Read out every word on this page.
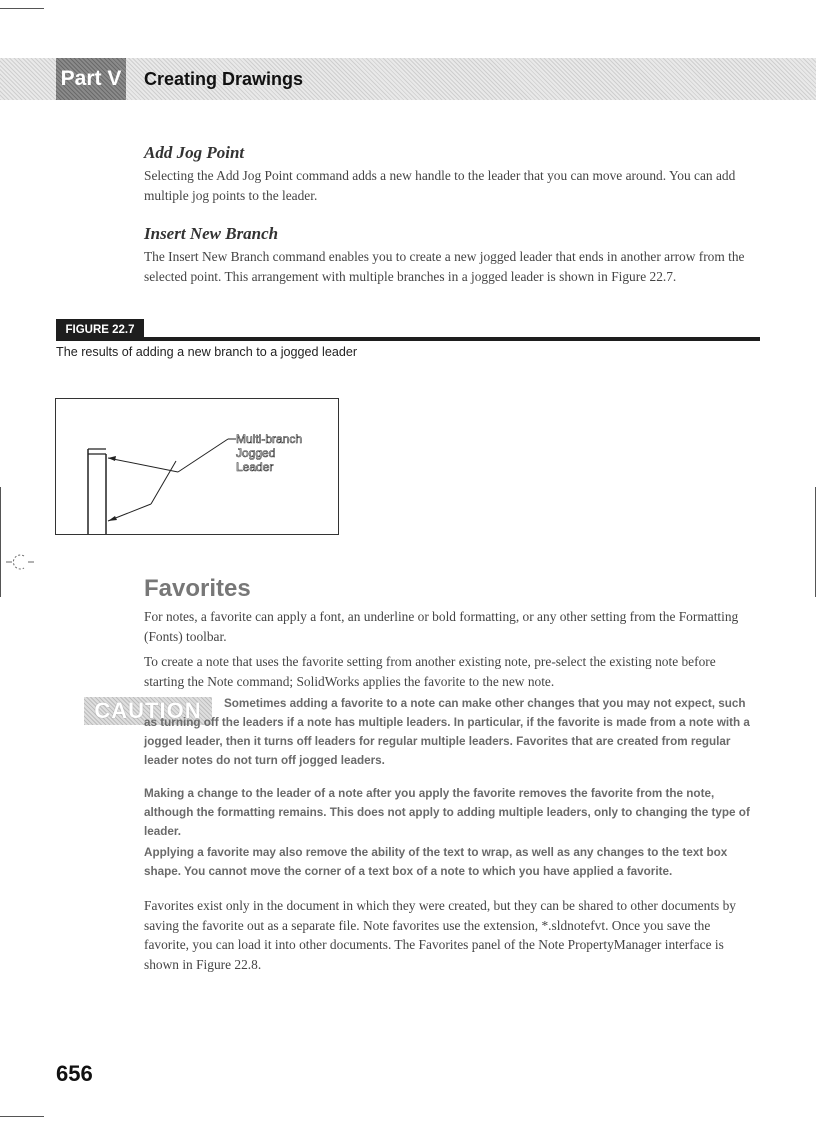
Part V Creating Drawings
Add Jog Point

Selecting the Add Jog Point command adds a new handle to the leader that you can move around. You can add multiple jog points to the leader.

Insert New Branch

The Insert New Branch command enables you to create a new jogged leader that ends in another arrow from the selected point. This arrangement with multiple branches in a jogged leader is shown in Figure 22.7.

FIGURE 22.7
The results of adding a new branch to a jogged leader
Multi-branch
Jogged
Leader
Favorites

For notes, a favorite can apply a font, an underline or bold formatting, or any other setting from the Formatting (Fonts) toolbar.

To create a note that uses the favorite setting from another existing note, pre-select the existing note before starting the Note command; SolidWorks applies the favorite to the new note.

CAUTION	Sometimes adding a favorite to a note can make other changes that you may not expect, such as turning off the leaders if a note has multiple leaders. In particular, if the favorite is made from a note with a jogged leader, then it turns off leaders for regular multiple leaders. Favorites that are created from regular leader notes do not turn off jogged leaders.

Making a change to the leader of a note after you apply the favorite removes the favorite from the note, although the formatting remains. This does not apply to adding multiple leaders, only to changing the type of leader.

Applying a favorite may also remove the ability of the text to wrap, as well as any changes to the text box shape. You cannot move the corner of a text box of a note to which you have applied a favorite.

Favorites exist only in the document in which they were created, but they can be shared to other documents by saving the favorite out as a separate file. Note favorites use the extension, *.sldnotefvt. Once you save the favorite, you can load it into other documents. The Favorites panel of the Note PropertyManager interface is shown in Figure 22.8.

656
